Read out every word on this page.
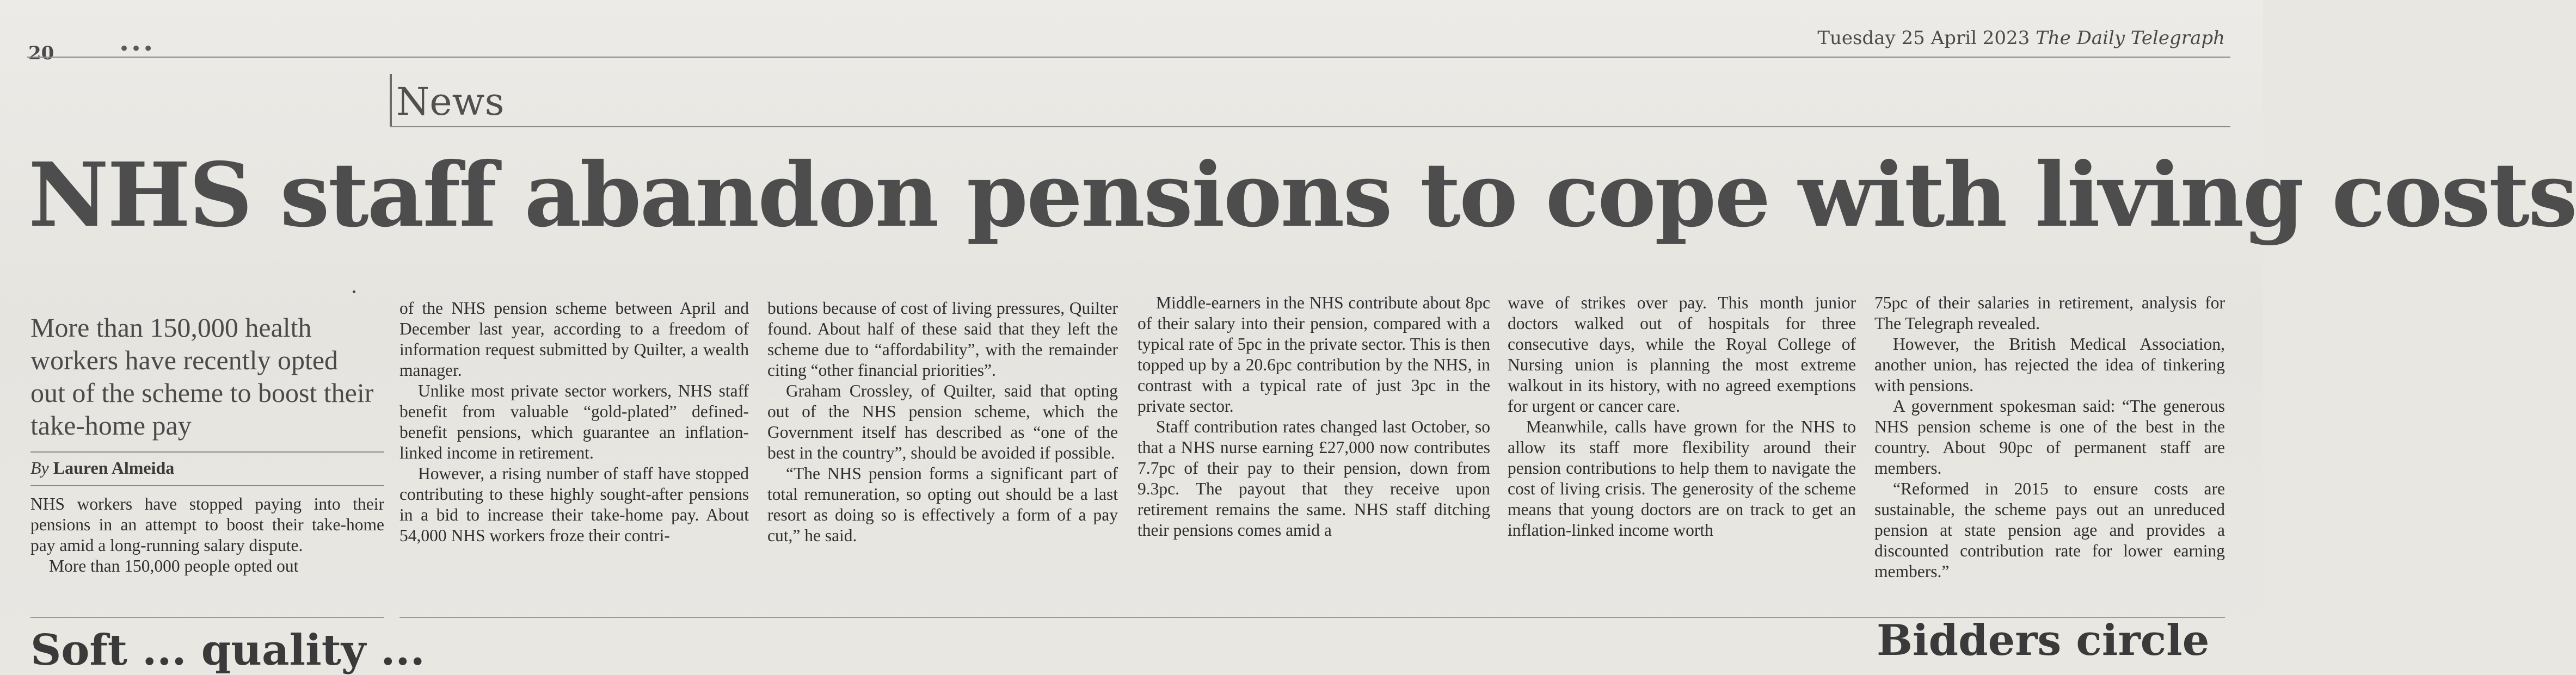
20	•••	Tuesday 25 April 2023 The Daily Telegraph
News
NHS staff abandon pensions to cope with living costs
More than 150,000 health workers have recently opted out of the scheme to boost their take-home pay
By Lauren Almeida

NHS workers have stopped paying into their pensions in an attempt to boost their take-home pay amid a long-running salary dispute.

More than 150,000 people opted out

of the NHS pension scheme between April and December last year, according to a freedom of information request submitted by Quilter, a wealth manager.

Unlike most private sector workers, NHS staff benefit from valuable “gold-plated” defined-benefit pensions, which guarantee an inflation-linked income in retirement.

However, a rising number of staff have stopped contributing to these highly sought-after pensions in a bid to increase their take-home pay. About 54,000 NHS workers froze their contri-

butions because of cost of living pressures, Quilter found. About half of these said that they left the scheme due to “affordability”, with the remainder citing “other financial priorities”.

Graham Crossley, of Quilter, said that opting out of the NHS pension scheme, which the Government itself has described as “one of the best in the country”, should be avoided if possible.

“The NHS pension forms a significant part of total remuneration, so opting out should be a last resort as doing so is effectively a form of a pay cut,” he said.

Middle-earners in the NHS contribute about 8pc of their salary into their pension, compared with a typical rate of 5pc in the private sector. This is then topped up by a 20.6pc contribution by the NHS, in contrast with a typical rate of just 3pc in the private sector.

Staff contribution rates changed last October, so that a NHS nurse earning £27,000 now contributes 7.7pc of their pay to their pension, down from 9.3pc. The payout that they receive upon retirement remains the same. NHS staff ditching their pensions comes amid a

wave of strikes over pay. This month junior doctors walked out of hospitals for three consecutive days, while the Royal College of Nursing union is planning the most extreme walkout in its history, with no agreed exemptions for urgent or cancer care.

Meanwhile, calls have grown for the NHS to allow its staff more flexibility around their pension contributions to help them to navigate the cost of living crisis. The generosity of the scheme means that young doctors are on track to get an inflation-linked income worth

75pc of their salaries in retirement, analysis for The Telegraph revealed.

However, the British Medical Association, another union, has rejected the idea of tinkering with pensions.

A government spokesman said: “The generous NHS pension scheme is one of the best in the country. About 90pc of permanent staff are members.

“Reformed in 2015 to ensure costs are sustainable, the scheme pays out an unreduced pension at state pension age and provides a discounted contribution rate for lower earning members.”

Soft ... quality ...	Bidders circle
